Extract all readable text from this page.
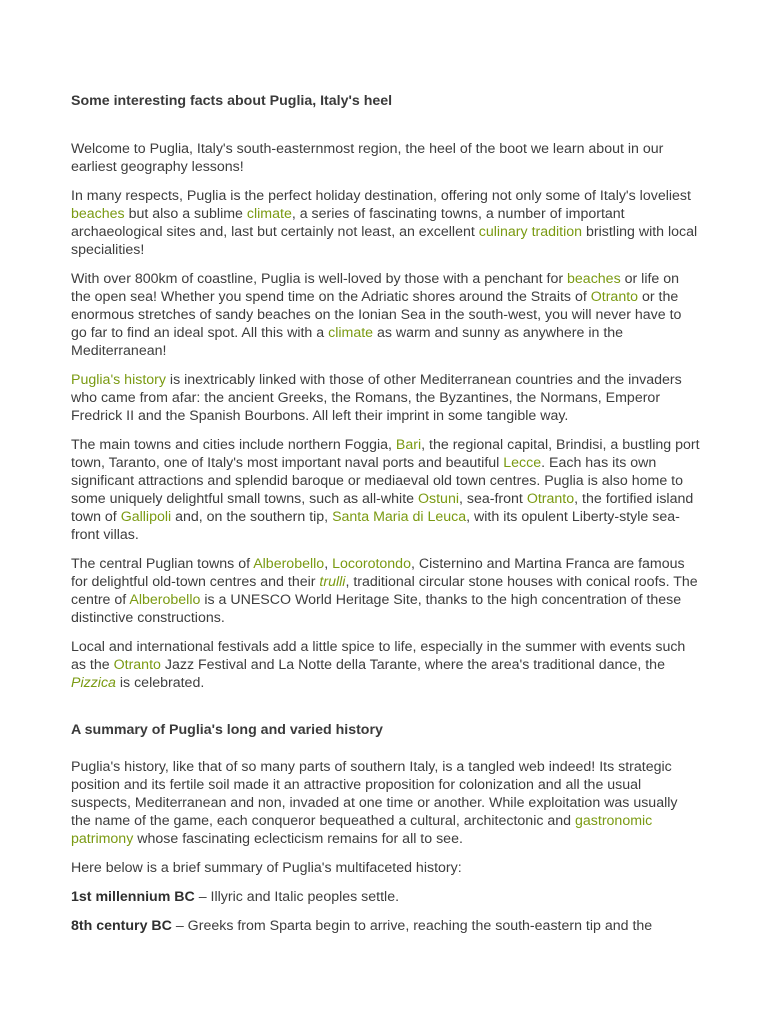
Some interesting facts about Puglia, Italy's heel

Welcome to Puglia, Italy's south-easternmost region, the heel of the boot we learn about in our earliest geography lessons!

In many respects, Puglia is the perfect holiday destination, offering not only some of Italy's loveliest beaches but also a sublime climate, a series of fascinating towns, a number of important archaeological sites and, last but certainly not least, an excellent culinary tradition bristling with local specialities!

With over 800km of coastline, Puglia is well-loved by those with a penchant for beaches or life on the open sea! Whether you spend time on the Adriatic shores around the Straits of Otranto or the enormous stretches of sandy beaches on the Ionian Sea in the south-west, you will never have to go far to find an ideal spot. All this with a climate as warm and sunny as anywhere in the Mediterranean!

Puglia's history is inextricably linked with those of other Mediterranean countries and the invaders who came from afar: the ancient Greeks, the Romans, the Byzantines, the Normans, Emperor Fredrick II and the Spanish Bourbons. All left their imprint in some tangible way.

The main towns and cities include northern Foggia, Bari, the regional capital, Brindisi, a bustling port town, Taranto, one of Italy's most important naval ports and beautiful Lecce. Each has its own significant attractions and splendid baroque or mediaeval old town centres. Puglia is also home to some uniquely delightful small towns, such as all-white Ostuni, sea-front Otranto, the fortified island town of Gallipoli and, on the southern tip, Santa Maria di Leuca, with its opulent Liberty-style sea-front villas.

The central Puglian towns of Alberobello, Locorotondo, Cisternino and Martina Franca are famous for delightful old-town centres and their trulli, traditional circular stone houses with conical roofs. The centre of Alberobello is a UNESCO World Heritage Site, thanks to the high concentration of these distinctive constructions.

Local and international festivals add a little spice to life, especially in the summer with events such as the Otranto Jazz Festival and La Notte della Tarante, where the area's traditional dance, the Pizzica is celebrated.

A summary of Puglia's long and varied history

Puglia's history, like that of so many parts of southern Italy, is a tangled web indeed! Its strategic position and its fertile soil made it an attractive proposition for colonization and all the usual suspects, Mediterranean and non, invaded at one time or another. While exploitation was usually the name of the game, each conqueror bequeathed a cultural, architectonic and gastronomic patrimony whose fascinating eclecticism remains for all to see.

Here below is a brief summary of Puglia's multifaceted history:

1st millennium BC – Illyric and Italic peoples settle.

8th century BC – Greeks from Sparta begin to arrive, reaching the south-eastern tip and the
